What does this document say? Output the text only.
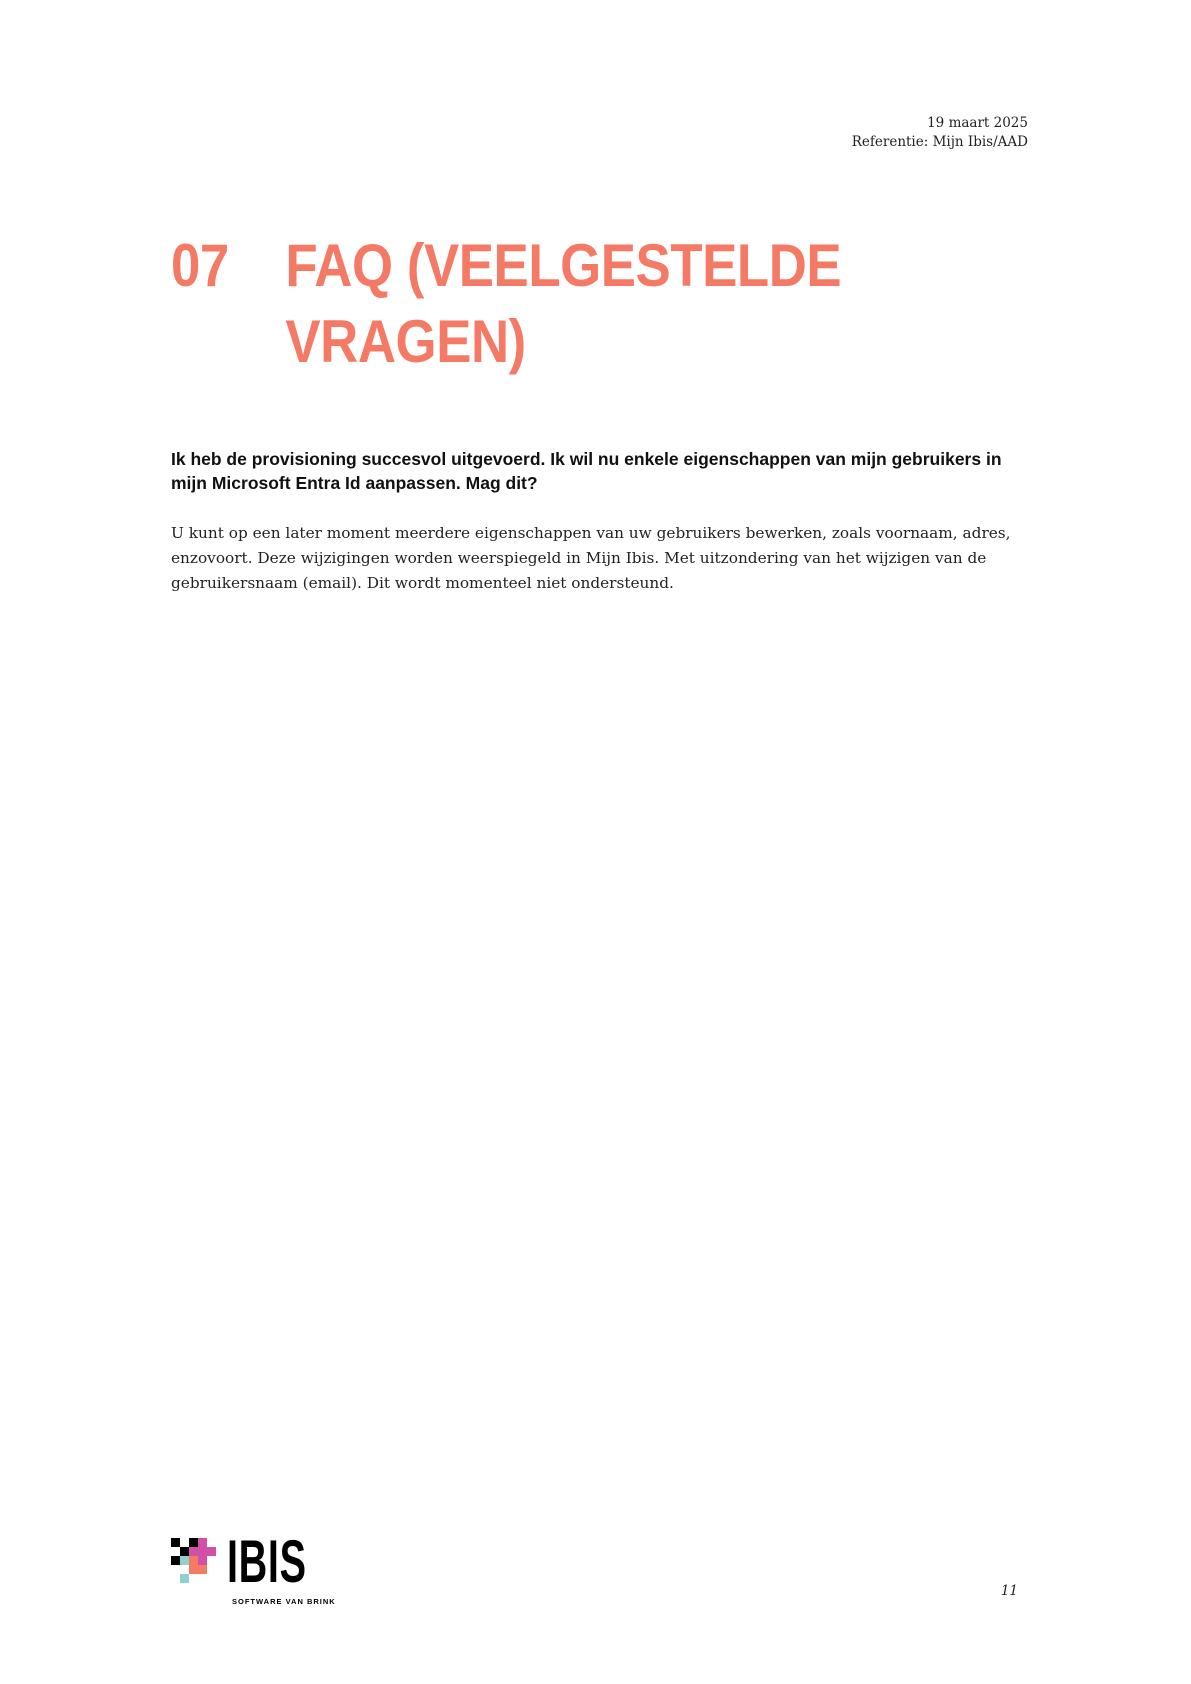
19 maart 2025
Referentie: Mijn Ibis/AAD
07 FAQ (VEELGESTELDE VRAGEN)
Ik heb de provisioning succesvol uitgevoerd. Ik wil nu enkele eigenschappen van mijn gebruikers in mijn Microsoft Entra Id aanpassen. Mag dit?
U kunt op een later moment meerdere eigenschappen van uw gebruikers bewerken, zoals voornaam, adres, enzovoort. Deze wijzigingen worden weerspiegeld in Mijn Ibis. Met uitzondering van het wijzigen van de gebruikersnaam (email). Dit wordt momenteel niet ondersteund.
IBIS
SOFTWARE VAN BRINK
11
